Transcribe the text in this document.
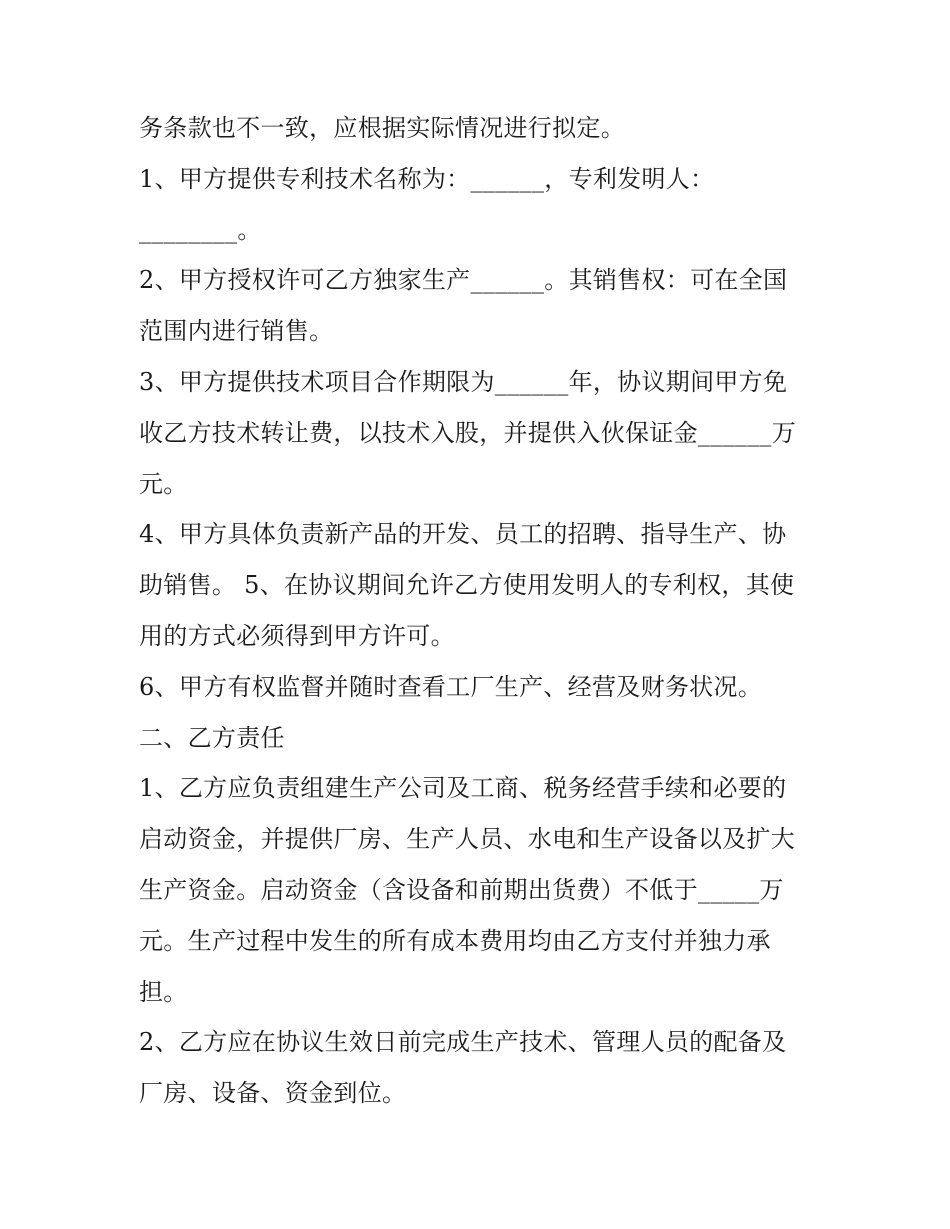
务条款也不一致，应根据实际情况进行拟定。
1、甲方提供专利技术名称为：______，专利发明人：
________。
2、甲方授权许可乙方独家生产______。其销售权：可在全国
范围内进行销售。
3、甲方提供技术项目合作期限为______年，协议期间甲方免
收乙方技术转让费，以技术入股，并提供入伙保证金______万
元。
4、甲方具体负责新产品的开发、员工的招聘、指导生产、协
助销售。 5、在协议期间允许乙方使用发明人的专利权，其使
用的方式必须得到甲方许可。
6、甲方有权监督并随时查看工厂生产、经营及财务状况。
二、乙方责任
1、乙方应负责组建生产公司及工商、税务经营手续和必要的
启动资金，并提供厂房、生产人员、水电和生产设备以及扩大
生产资金。启动资金（含设备和前期出货费）不低于_____万
元。生产过程中发生的所有成本费用均由乙方支付并独力承
担。
2、乙方应在协议生效日前完成生产技术、管理人员的配备及
厂房、设备、资金到位。
